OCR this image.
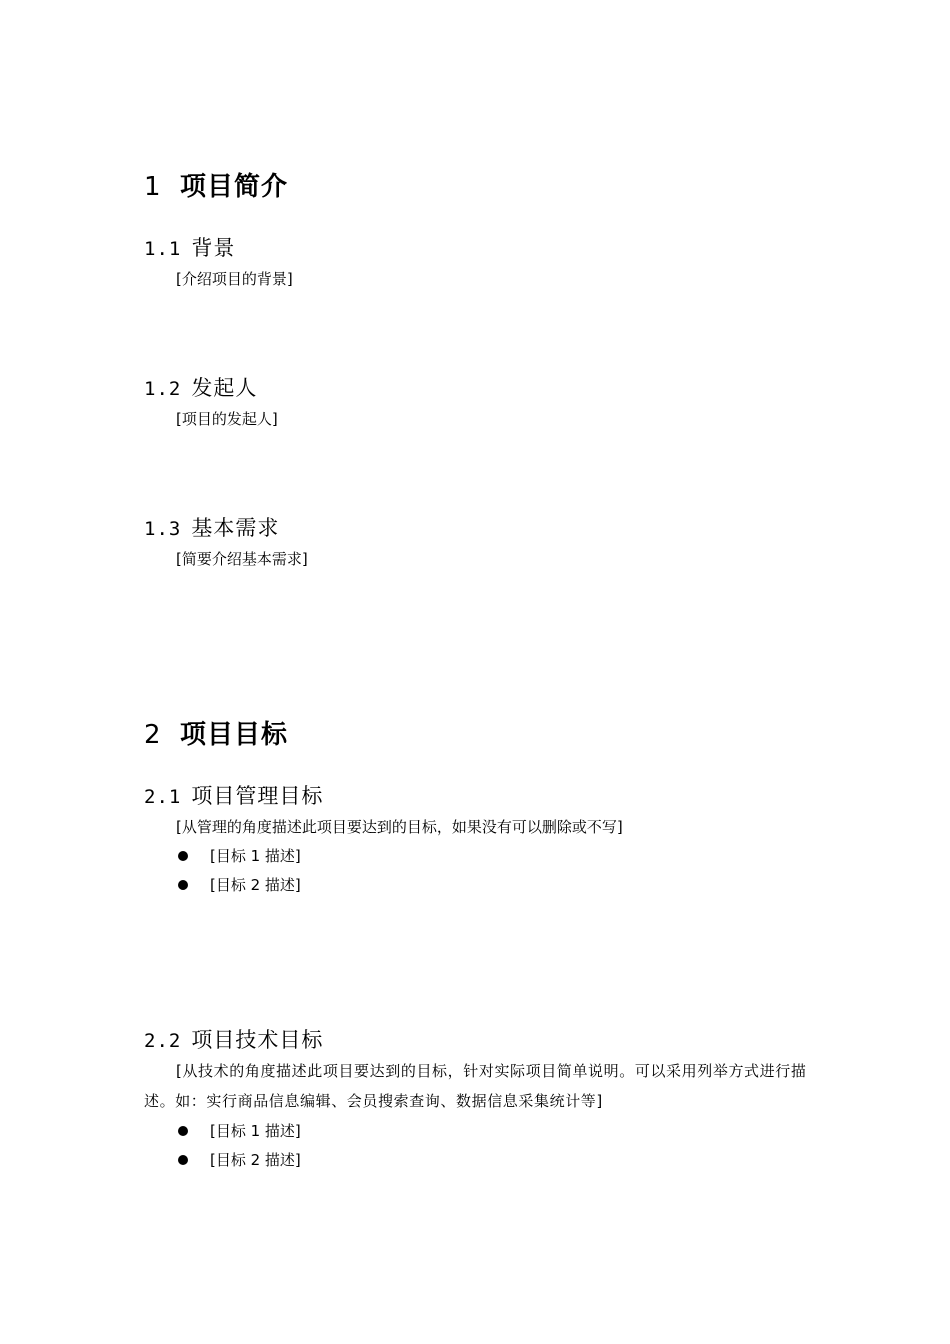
1 项目简介
1.1 背景
[介绍项目的背景]
1.2 发起人
[项目的发起人]
1.3 基本需求
[简要介绍基本需求]
2 项目目标
2.1 项目管理目标
[从管理的角度描述此项目要达到的目标，如果没有可以删除或不写]
[目标 1 描述]
[目标 2 描述]
2.2 项目技术目标
[从技术的角度描述此项目要达到的目标，针对实际项目简单说明。可以采用列举方式进行描述。如：实行商品信息编辑、会员搜索查询、数据信息采集统计等]
[目标 1 描述]
[目标 2 描述]
